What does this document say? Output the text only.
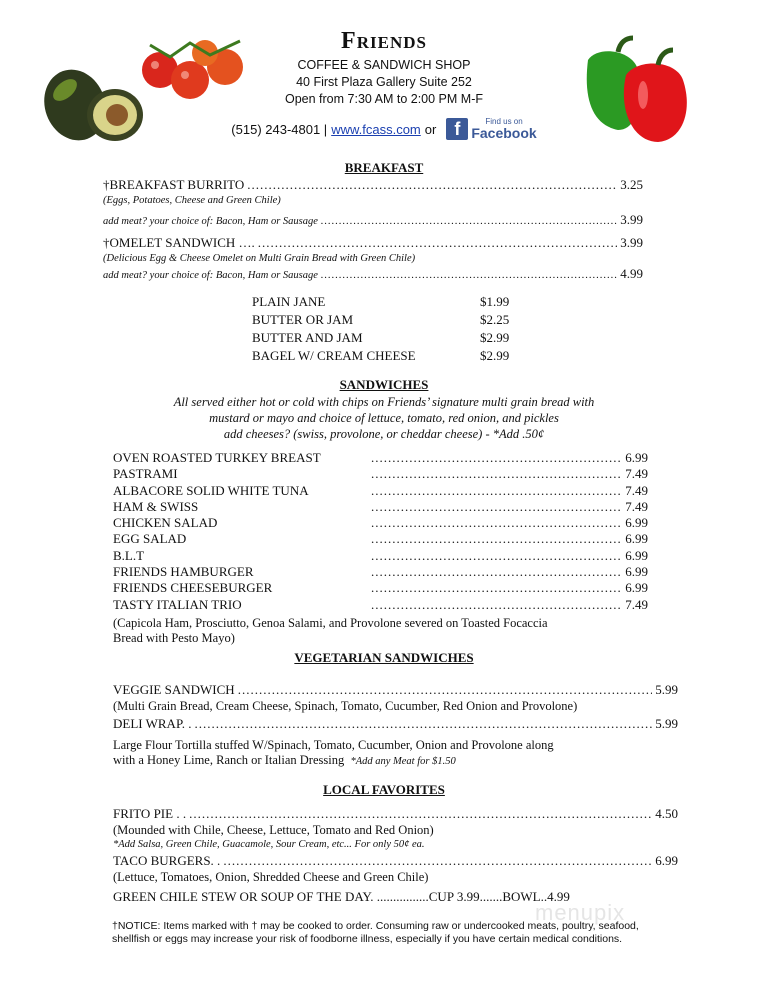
Friends
COFFEE & SANDWICH SHOP
40 First Plaza Gallery Suite 252
Open from 7:30 AM to 2:00 PM M-F
(515) 243-4801 | www.fcass.com or	f	Find us on
Facebook
BREAKFAST
†BREAKFAST BURRITO .....	3.25
(Eggs, Potatoes, Cheese and Green Chile)
add meat? your choice of: Bacon, Ham or Sausage .....	3.99
†OMELET SANDWICH …. .....	3.99
(Delicious Egg & Cheese Omelet on Multi Grain Bread with Green Chile)
add meat? your choice of: Bacon, Ham or Sausage .....	4.99
PLAIN JANE	$1.99
BUTTER OR JAM	$2.25
BUTTER AND JAM	$2.99
BAGEL W/ CREAM CHEESE	$2.99
SANDWICHES
All served either hot or cold with chips on Friends’ signature multi grain bread with
mustard or mayo and choice of lettuce, tomato, red onion, and pickles
add cheeses? (swiss, provolone, or cheddar cheese) - *Add .50¢
OVEN ROASTED TURKEY BREAST .....	6.99
PASTRAMI .....	7.49
ALBACORE SOLID WHITE TUNA .....	7.49
HAM & SWISS .....	7.49
CHICKEN SALAD .....	6.99
EGG SALAD .....	6.99
B.L.T .....	6.99
FRIENDS HAMBURGER .....	6.99
FRIENDS CHEESEBURGER .....	6.99
TASTY ITALIAN TRIO .....	7.49
(Capicola Ham, Prosciutto, Genoa Salami, and Provolone severed on Toasted Focaccia
Bread with Pesto Mayo)
VEGETARIAN SANDWICHES
VEGGIE SANDWICH .....	5.99
(Multi Grain Bread, Cream Cheese, Spinach, Tomato, Cucumber, Red Onion and Provolone)
DELI WRAP. . .....	5.99
Large Flour Tortilla stuffed W/Spinach, Tomato, Cucumber, Onion and Provolone along
with a Honey Lime, Ranch or Italian Dressing *Add any Meat for $1.50
LOCAL FAVORITES
FRITO PIE . . .....	4.50
(Mounded with Chile, Cheese, Lettuce, Tomato and Red Onion)
*Add Salsa, Green Chile, Guacamole, Sour Cream, etc... For only 50¢ ea.
TACO BURGERS. . .....	6.99
(Lettuce, Tomatoes, Onion, Shredded Cheese and Green Chile)
GREEN CHILE STEW OR SOUP OF THE DAY. ................CUP 3.99.......BOWL..4.99
menupix
†NOTICE: Items marked with † may be cooked to order. Consuming raw or undercooked meats, poultry, seafood, shellfish or eggs may increase your risk of foodborne illness, especially if you have certain medical conditions.
